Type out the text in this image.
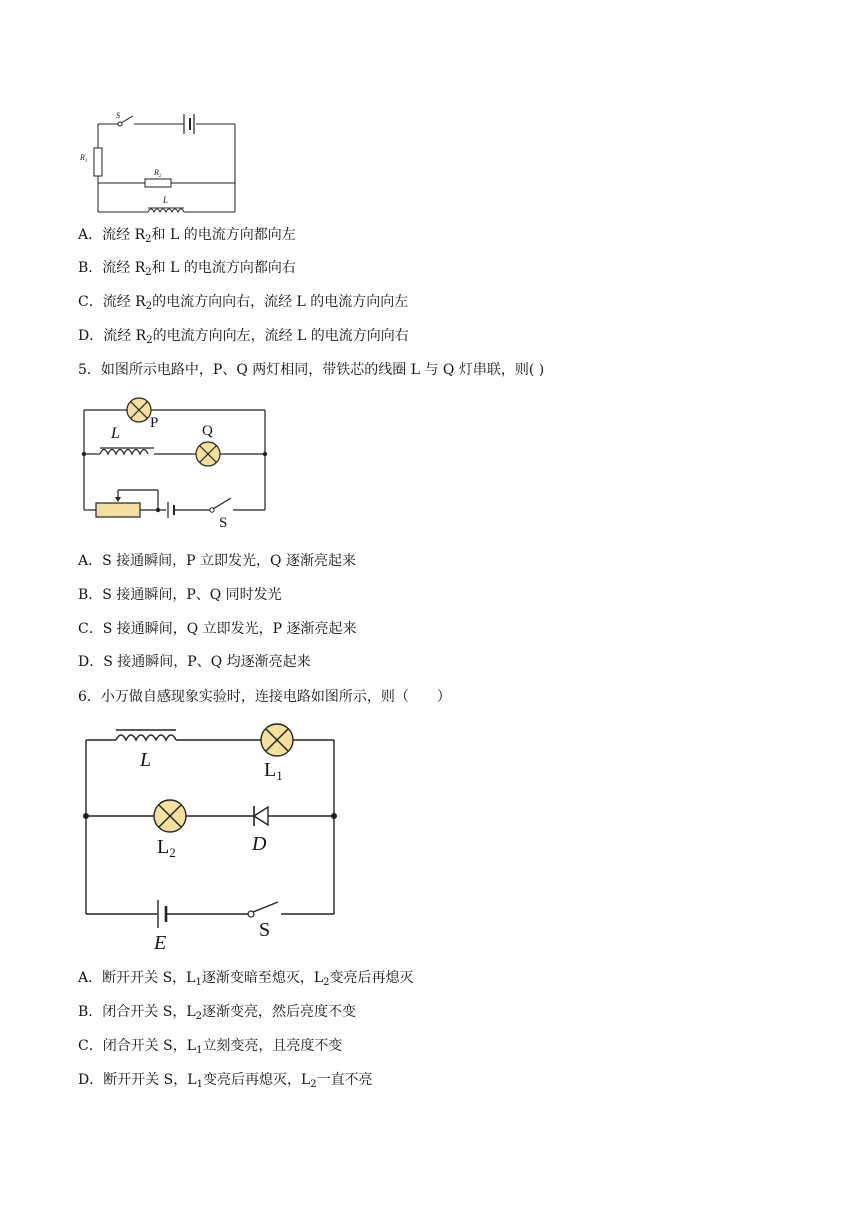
S
$R_1$
$R_2$
L
A．流经 $R_2$和 L 的电流方向都向左
B．流经 $R_2$和 L 的电流方向都向右
C．流经 $R_2$的电流方向向右，流经 L 的电流方向向左
D．流经 $R_2$的电流方向向左，流经 L 的电流方向向右
5．如图所示电路中，P、Q 两灯相同，带铁芯的线圈 L 与 Q 灯串联，则( )
P	Q
L
S
A．S 接通瞬间，P 立即发光，Q 逐渐亮起来
B．S 接通瞬间，P、Q 同时发光
C．S 接通瞬间，Q 立即发光，P 逐渐亮起来
D．S 接通瞬间，P、Q 均逐渐亮起来
6．小万做自感现象实验时，连接电路如图所示，则（　　）
L	$L_1$
$L_2$	D
E
S
A．断开开关 S，$L_1$逐渐变暗至熄灭，$L_2$变亮后再熄灭
B．闭合开关 S，$L_2$逐渐变亮，然后亮度不变
C．闭合开关 S，$L_1$立刻变亮，且亮度不变
D．断开开关 S，$L_1$变亮后再熄灭，$L_2$一直不亮
